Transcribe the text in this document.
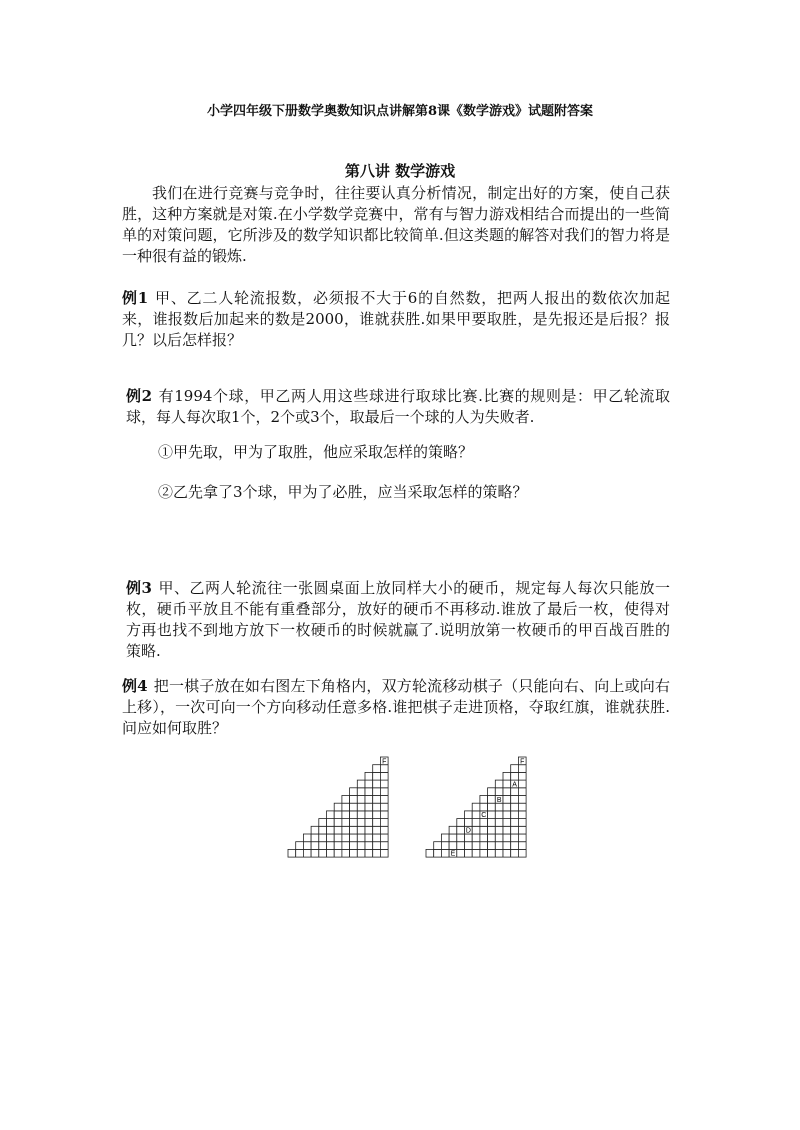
小学四年级下册数学奥数知识点讲解第8课《数学游戏》试题附答案
第八讲 数学游戏
我们在进行竞赛与竞争时，往往要认真分析情况，制定出好的方案，使自己获胜，这种方案就是对策.在小学数学竞赛中，常有与智力游戏相结合而提出的一些简单的对策问题，它所涉及的数学知识都比较简单.但这类题的解答对我们的智力将是一种很有益的锻炼.
例1 甲、乙二人轮流报数，必须报不大于6的自然数，把两人报出的数依次加起来，谁报数后加起来的数是2000，谁就获胜.如果甲要取胜，是先报还是后报？报几？以后怎样报？
例2 有1994个球，甲乙两人用这些球进行取球比赛.比赛的规则是：甲乙轮流取球，每人每次取1个，2个或3个，取最后一个球的人为失败者.
①甲先取，甲为了取胜，他应采取怎样的策略？
②乙先拿了3个球，甲为了必胜，应当采取怎样的策略？
例3 甲、乙两人轮流往一张圆桌面上放同样大小的硬币，规定每人每次只能放一枚，硬币平放且不能有重叠部分，放好的硬币不再移动.谁放了最后一枚，使得对方再也找不到地方放下一枚硬币的时候就赢了.说明放第一枚硬币的甲百战百胜的策略.
例4 把一棋子放在如右图左下角格内，双方轮流移动棋子（只能向右、向上或向右上移），一次可向一个方向移动任意多格.谁把棋子走进顶格，夺取红旗，谁就获胜.问应如何取胜？
F	F
A
B
C
D
E
